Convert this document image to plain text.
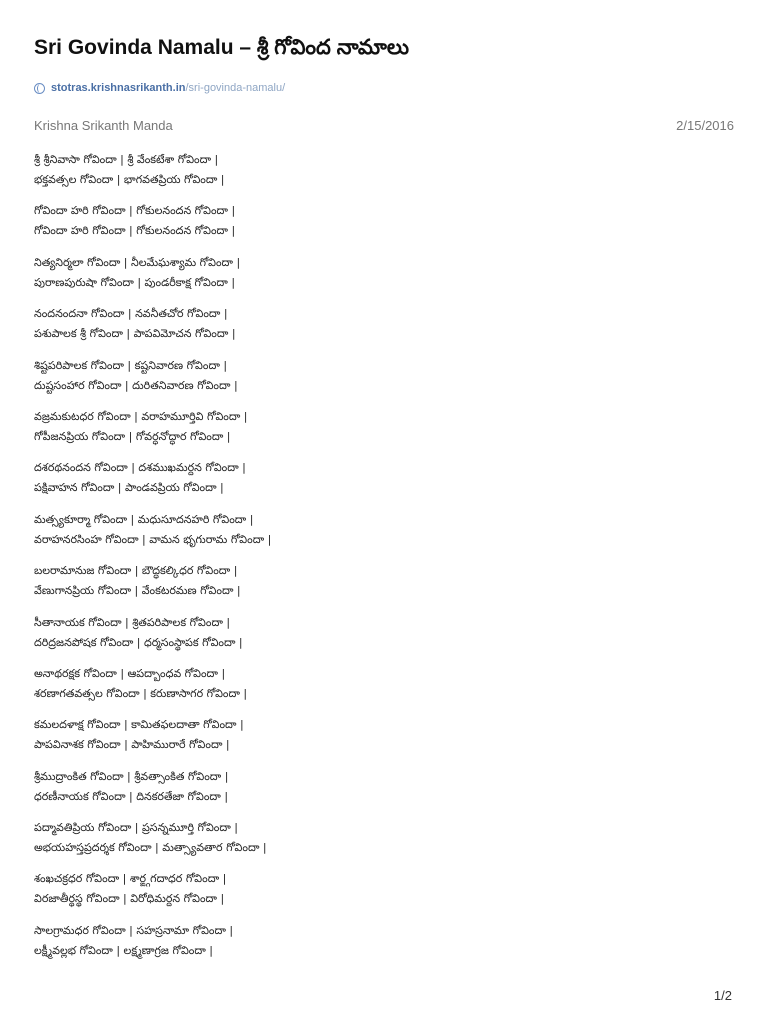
Sri Govinda Namalu – శ్రీ గోవింద నామాలు
stotras.krishnasrikanth.in /sri-govinda-namalu/
Krishna Srikanth Manda	2/15/2016
శ్రీ శ్రీనివాసా గోవిందా | శ్రీ వేంకటేశా గోవిందా |
భక్తవత్సల గోవిందా | భాగవతప్రియ గోవిందా |
గోవిందా హరి గోవిందా | గోకులనందన గోవిందా |
గోవిందా హరి గోవిందా | గోకులనందన గోవిందా |
నిత్యనిర్మలా గోవిందా | నీలమేఘశ్యామ గోవిందా |
పురాణపురుషా గోవిందా | పుండరీకాక్ష గోవిందా |
నందనందనా గోవిందా | నవనీతచోర గోవిందా |
పశుపాలక శ్రీ గోవిందా | పాపవిమోచన గోవిందా |
శిష్టపరిపాలక గోవిందా | కష్టనివారణ గోవిందా |
దుష్టసంహార గోవిందా | దురితనివారణ గోవిందా |
వజ్రమకుటధర గోవిందా | వరాహమూర్తివి గోవిందా |
గోపీజనప్రియ గోవిందా | గోవర్ధనోద్ధార గోవిందా |
దశరథనందన గోవిందా | దశముఖమర్దన గోవిందా |
పక్షివాహన గోవిందా | పాండవప్రియ గోవిందా |
మత్స్యకూర్మా గోవిందా | మధుసూదనహరి గోవిందా |
వరాహనరసింహ గోవిందా | వామన భృగురామ గోవిందా |
బలరామానుజ గోవిందా | బౌద్ధకల్కిధర గోవిందా |
వేణుగానప్రియ గోవిందా | వేంకటరమణ గోవిందా |
సీతానాయక గోవిందా | శ్రితపరిపాలక గోవిందా |
దరిద్రజనపోషక గోవిందా | ధర్మసంస్థాపక గోవిందా |
అనాథరక్షక గోవిందా | ఆపద్బాంధవ గోవిందా |
శరణాగతవత్సల గోవిందా | కరుణాసాగర గోవిందా |
కమలదళాక్ష గోవిందా | కామితఫలదాతా గోవిందా |
పాపవినాశక గోవిందా | పాహిమురారే గోవిందా |
శ్రీముద్రాంకిత గోవిందా | శ్రీవత్సాంకిత గోవిందా |
ధరణీనాయక గోవిందా | దినకరతేజా గోవిందా |
పద్మావతిప్రియ గోవిందా | ప్రసన్నమూర్తి గోవిందా |
అభయహస్తప్రదర్శక గోవిందా | మత్స్యావతార గోవిందా |
శంఖచక్రధర గోవిందా | శార్ఙ్గగదాధర గోవిందా |
విరజాతీర్థస్థ గోవిందా | విరోధిమర్దన గోవిందా |
సాలగ్రామధర గోవిందా | సహస్రనామా గోవిందా |
లక్ష్మీవల్లభ గోవిందా | లక్ష్మణాగ్రజ గోవిందా |
1/2
